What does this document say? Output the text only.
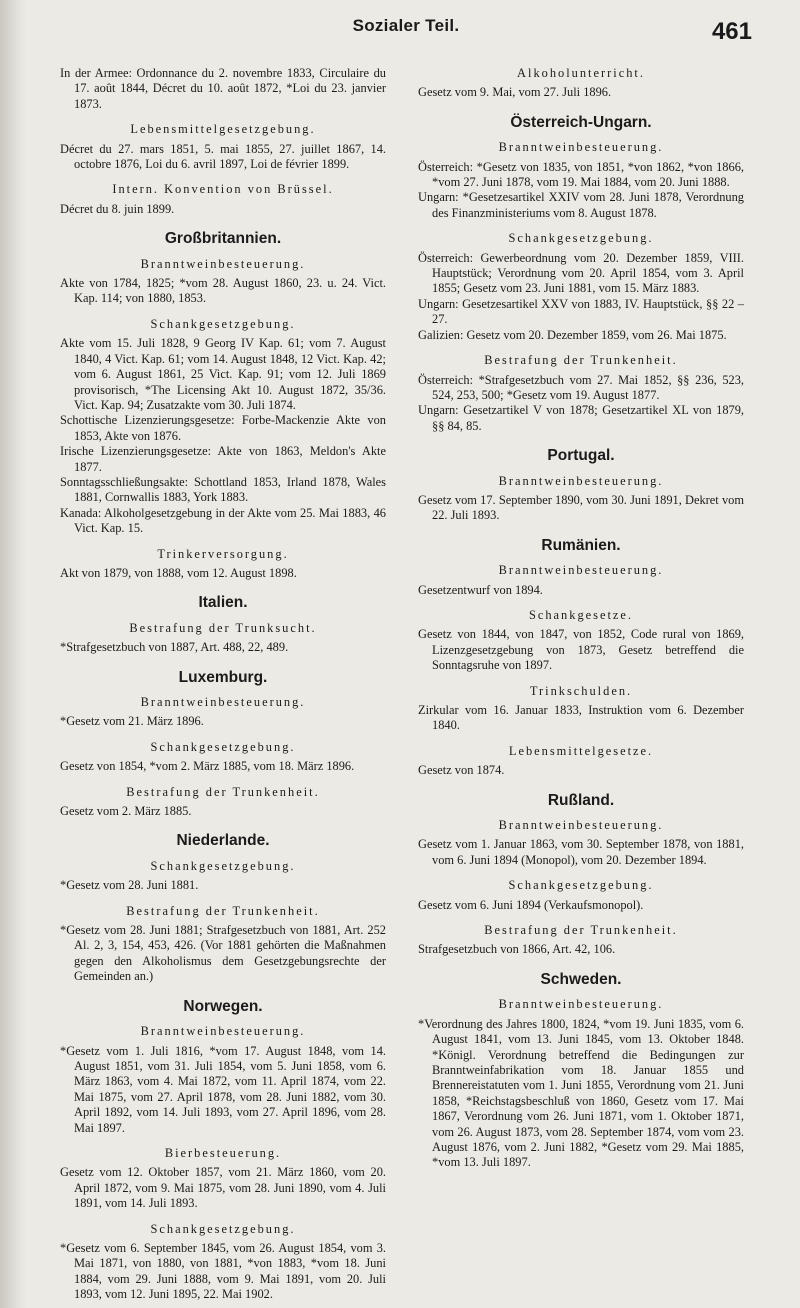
Sozialer Teil.	461
In der Armee: Ordonnance du 2. novembre 1833, Circulaire du 17. août 1844, Décret du 10. août 1872, *Loi du 23. janvier 1873.
Lebensmittelgesetzgebung.
Décret du 27. mars 1851, 5. mai 1855, 27. juillet 1867, 14. octobre 1876, Loi du 6. avril 1897, Loi de février 1899.
Intern. Konvention von Brüssel.
Décret du 8. juin 1899.
Großbritannien.
Branntweinbesteuerung.
Akte von 1784, 1825; *vom 28. August 1860, 23. u. 24. Vict. Kap. 114; von 1880, 1853.
Schankgesetzgebung.
Akte vom 15. Juli 1828, 9 Georg IV Kap. 61; vom 7. August 1840, 4 Vict. Kap. 61; vom 14. August 1848, 12 Vict. Kap. 42; vom 6. August 1861, 25 Vict. Kap. 91; vom 12. Juli 1869 provisorisch, *The Licensing Akt 10. August 1872, 35/36. Vict. Kap. 94; Zusatzakte vom 30. Juli 1874.
Schottische Lizenzierungsgesetze: Forbe-Mackenzie Akte von 1853, Akte von 1876.
Irische Lizenzierungsgesetze: Akte von 1863, Meldon's Akte 1877.
Sonntagsschließungsakte: Schottland 1853, Irland 1878, Wales 1881, Cornwallis 1883, York 1883.
Kanada: Alkoholgesetzgebung in der Akte vom 25. Mai 1883, 46 Vict. Kap. 15.
Trinkerversorgung.
Akt von 1879, von 1888, vom 12. August 1898.
Italien.
Bestrafung der Trunksucht.
*Strafgesetzbuch von 1887, Art. 488, 22, 489.
Luxemburg.
Branntweinbesteuerung.
*Gesetz vom 21. März 1896.
Schankgesetzgebung.
Gesetz von 1854, *vom 2. März 1885, vom 18. März 1896.
Bestrafung der Trunkenheit.
Gesetz vom 2. März 1885.
Niederlande.
Schankgesetzgebung.
*Gesetz vom 28. Juni 1881.
Bestrafung der Trunkenheit.
*Gesetz vom 28. Juni 1881; Strafgesetzbuch von 1881, Art. 252 Al. 2, 3, 154, 453, 426. (Vor 1881 gehörten die Maßnahmen gegen den Alkoholismus dem Gesetzgebungsrechte der Gemeinden an.)
Norwegen.
Branntweinbesteuerung.
*Gesetz vom 1. Juli 1816, *vom 17. August 1848, vom 14. August 1851, vom 31. Juli 1854, vom 5. Juni 1858, vom 6. März 1863, vom 4. Mai 1872, vom 11. April 1874, vom 22. Mai 1875, vom 27. April 1878, vom 28. Juni 1882, vom 30. April 1892, vom 14. Juli 1893, vom 27. April 1896, vom 28. Mai 1897.
Bierbesteuerung.
Gesetz vom 12. Oktober 1857, vom 21. März 1860, vom 20. April 1872, vom 9. Mai 1875, vom 28. Juni 1890, vom 4. Juli 1891, vom 14. Juli 1893.
Schankgesetzgebung.
*Gesetz vom 6. September 1845, vom 26. August 1854, vom 3. Mai 1871, von 1880, von 1881, *von 1883, *vom 18. Juni 1884, vom 29. Juni 1888, vom 9. Mai 1891, vom 20. Juli 1893, vom 12. Juni 1895, 22. Mai 1902.
Alkoholunterricht.
Gesetz vom 9. Mai, vom 27. Juli 1896.
Österreich-Ungarn.
Branntweinbesteuerung.
Österreich: *Gesetz von 1835, von 1851, *von 1862, *von 1866, *vom 27. Juni 1878, vom 19. Mai 1884, vom 20. Juni 1888.
Ungarn: *Gesetzesartikel XXIV vom 28. Juni 1878, Verordnung des Finanzministeriums vom 8. August 1878.
Schankgesetzgebung.
Österreich: Gewerbeordnung vom 20. Dezember 1859, VIII. Hauptstück; Verordnung vom 20. April 1854, vom 3. April 1855; Gesetz vom 23. Juni 1881, vom 15. März 1883.
Ungarn: Gesetzesartikel XXV von 1883, IV. Hauptstück, §§ 22 – 27.
Galizien: Gesetz vom 20. Dezember 1859, vom 26. Mai 1875.
Bestrafung der Trunkenheit.
Österreich: *Strafgesetzbuch vom 27. Mai 1852, §§ 236, 523, 524, 253, 500; *Gesetz vom 19. August 1877.
Ungarn: Gesetzartikel V von 1878; Gesetzartikel XL von 1879, §§ 84, 85.
Portugal.
Branntweinbesteuerung.
Gesetz vom 17. September 1890, vom 30. Juni 1891, Dekret vom 22. Juli 1893.
Rumänien.
Branntweinbesteuerung.
Gesetzentwurf von 1894.
Schankgesetze.
Gesetz von 1844, von 1847, von 1852, Code rural von 1869, Lizenzgesetzgebung von 1873, Gesetz betreffend die Sonntagsruhe von 1897.
Trinkschulden.
Zirkular vom 16. Januar 1833, Instruktion vom 6. Dezember 1840.
Lebensmittelgesetze.
Gesetz von 1874.
Rußland.
Branntweinbesteuerung.
Gesetz vom 1. Januar 1863, vom 30. September 1878, von 1881, vom 6. Juni 1894 (Monopol), vom 20. Dezember 1894.
Schankgesetzgebung.
Gesetz vom 6. Juni 1894 (Verkaufsmonopol).
Bestrafung der Trunkenheit.
Strafgesetzbuch von 1866, Art. 42, 106.
Schweden.
Branntweinbesteuerung.
*Verordnung des Jahres 1800, 1824, *vom 19. Juni 1835, vom 6. August 1841, vom 13. Juni 1845, vom 13. Oktober 1848. *Königl. Verordnung betreffend die Bedingungen zur Branntweinfabrikation vom 18. Januar 1855 und Brennereistatuten vom 1. Juni 1855, Verordnung vom 21. Juni 1858, *Reichstagsbeschluß von 1860, Gesetz vom 17. Mai 1867, Verordnung vom 26. Juni 1871, vom 1. Oktober 1871, vom 26. August 1873, vom 28. September 1874, vom vom 23. August 1876, vom 2. Juni 1882, *Gesetz vom 29. Mai 1885, *vom 13. Juli 1897.
